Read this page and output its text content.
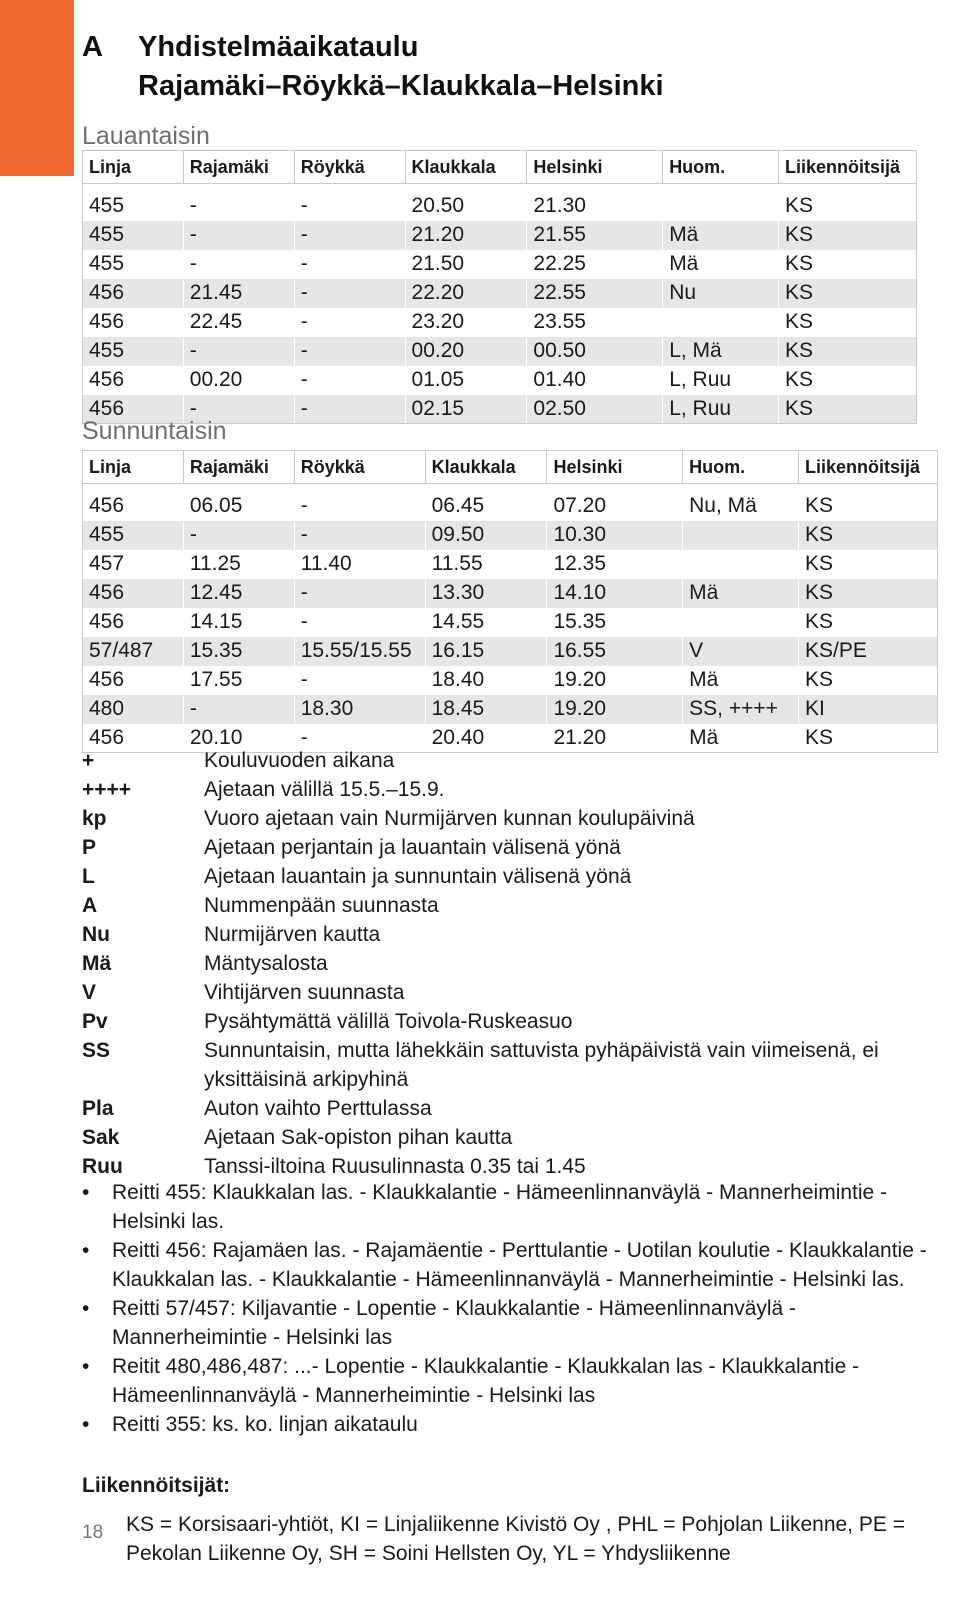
A Yhdistelmäaikataulu
Rajamäki–Röykkä–Klaukkala–Helsinki
Lauantaisin
Linja	Rajamäki	Röykkä	Klaukkala	Helsinki	Huom.	Liikennöitsijä

455	-	-	20.50	21.30		KS
455	-	-	21.20	21.55	Mä	KS
455	-	-	21.50	22.25	Mä	KS
456	21.45	-	22.20	22.55	Nu	KS
456	22.45	-	23.20	23.55		KS
455	-	-	00.20	00.50	L, Mä	KS
456	00.20	-	01.05	01.40	L, Ruu	KS
456	-	-	02.15	02.50	L, Ruu	KS
Sunnuntaisin
Linja	Rajamäki	Röykkä	Klaukkala	Helsinki	Huom.	Liikennöitsijä

456	06.05	-	06.45	07.20	Nu, Mä	KS
455	-	-	09.50	10.30		KS
457	11.25	11.40	11.55	12.35		KS
456	12.45	-	13.30	14.10	Mä	KS
456	14.15	-	14.55	15.35		KS
57/487	15.35	15.55/15.55	16.15	16.55	V	KS/PE
456	17.55	-	18.40	19.20	Mä	KS
480	-	18.30	18.45	19.20	SS, ++++	KI
456	20.10	-	20.40	21.20	Mä	KS
+	Kouluvuoden aikana
++++	Ajetaan välillä 15.5.–15.9.
kp	Vuoro ajetaan vain Nurmijärven kunnan koulupäivinä
P	Ajetaan perjantain ja lauantain välisenä yönä
L	Ajetaan lauantain ja sunnuntain välisenä yönä
A	Nummenpään suunnasta
Nu	Nurmijärven kautta
Mä	Mäntysalosta
V	Vihtijärven suunnasta
Pv	Pysähtymättä välillä Toivola-Ruskeasuo
SS	Sunnuntaisin, mutta lähekkäin sattuvista pyhäpäivistä vain viimeisenä, ei yksittäisinä arkipyhinä
Pla	Auton vaihto Perttulassa
Sak	Ajetaan Sak-opiston pihan kautta
Ruu	Tanssi-iltoina Ruusulinnasta 0.35 tai 1.45
• Reitti 455: Klaukkalan las. - Klaukkalantie - Hämeenlinnanväylä - Mannerheimintie - Helsinki las.
• Reitti 456: Rajamäen las. - Rajamäentie - Perttulantie - Uotilan koulutie - Klaukkalantie - Klaukkalan las. - Klaukkalantie - Hämeenlinnanväylä - Mannerheimintie - Helsinki las.
• Reitti 57/457: Kiljavantie - Lopentie - Klaukkalantie - Hämeenlinnanväylä - Mannerheimintie - Helsinki las
• Reitit 480,486,487: ...- Lopentie - Klaukkalantie - Klaukkalan las - Klaukkalantie - Hämeenlinnanväylä - Mannerheimintie - Helsinki las
• Reitti 355: ks. ko. linjan aikataulu
Liikennöitsijät:
18 KS = Korsisaari-yhtiöt, KI = Linjaliikenne Kivistö Oy , PHL = Pohjolan Liikenne, PE = Pekolan Liikenne Oy, SH = Soini Hellsten Oy, YL = Yhdysliikenne
